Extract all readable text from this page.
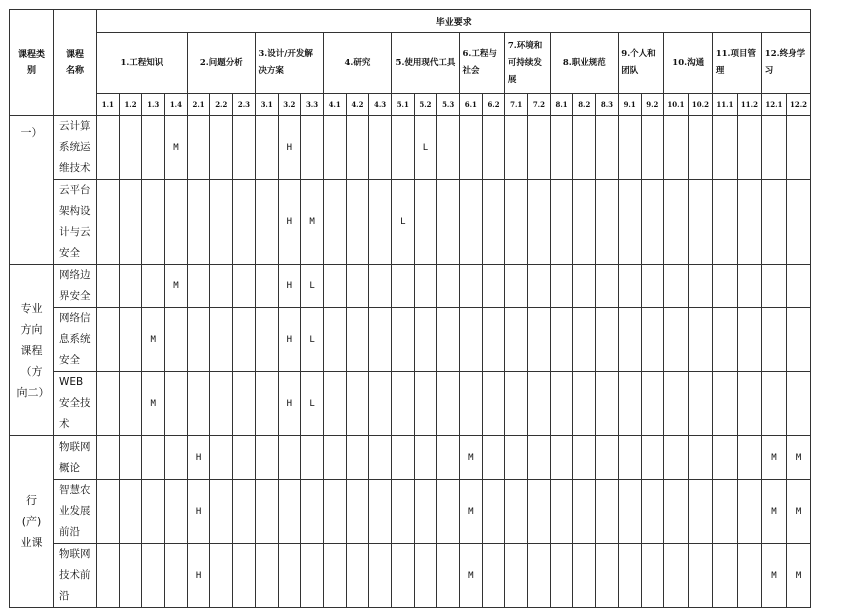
课程类别	课程名称	毕业要求																														
		1.工程知识				2.问题分析			3.设计/开发解决方案			4.研究			5.使用现代工具			6.工程与社会		7.环境和可持续发展		8.职业规范			9.个人和团队		10.沟通		11.项目管理		12.终身学习	
		1.1	1.2	1.3	1.4	2.1	2.2	2.3	3.1	3.2	3.3	4.1	4.2	4.3	5.1	5.2	5.3	6.1	6.2	7.1	7.2	8.1	8.2	8.3	9.1	9.2	10.1	10.2	11.1	11.2	12.1	12.2
一）	云计算系统运维技术				M					H						L																
	云平台架构设计与云安全									H	M				L																	
专业方向课程（方向二）	网络边界安全				M					H	L																					
	网络信息系统安全			M						H	L																					
	WEB 安全技术			M						H	L																					
行(产)业课	物联网概论					H												M													M	M
	智慧农业发展前沿					H												M													M	M
	物联网技术前沿					H												M													M	M
